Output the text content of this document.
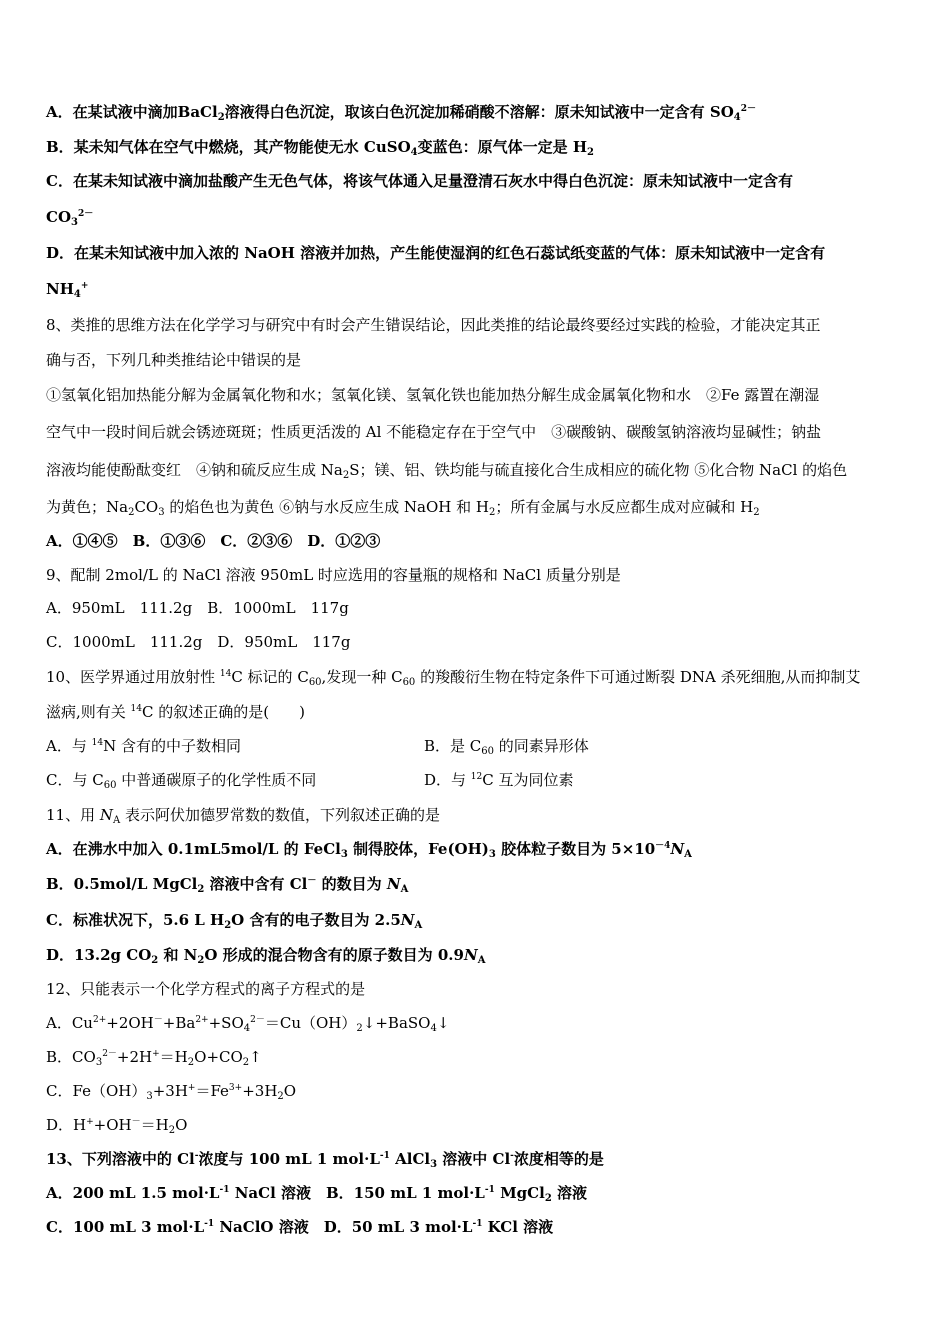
A．在某试液中滴加BaCl$_2$溶液得白色沉淀，取该白色沉淀加稀硝酸不溶解：原未知试液中一定含有 $SO_4^{2-}$
B．某未知气体在空气中燃烧，其产物能使无水 CuSO$_4$变蓝色：原气体一定是 $H_2$
C．在某未知试液中滴加盐酸产生无色气体，将该气体通入足量澄清石灰水中得白色沉淀：原未知试液中一定含有
$CO_3^{2-}$
D．在某未知试液中加入浓的 NaOH 溶液并加热，产生能使湿润的红色石蕊试纸变蓝的气体：原未知试液中一定含有
$NH_4^+$
8、类推的思维方法在化学学习与研究中有时会产生错误结论，因此类推的结论最终要经过实践的检验，才能决定其正
确与否，下列几种类推结论中错误的是
①氢氧化铝加热能分解为金属氧化物和水；氢氧化镁、氢氧化铁也能加热分解生成金属氧化物和水　②Fe 露置在潮湿
空气中一段时间后就会锈迹斑斑；性质更活泼的 Al 不能稳定存在于空气中　③碳酸钠、碳酸氢钠溶液均显碱性；钠盐
溶液均能使酚酞变红　④钠和硫反应生成 $Na_2S$；镁、铝、铁均能与硫直接化合生成相应的硫化物 ⑤化合物 NaCl 的焰色
为黄色；$Na_2CO_3$ 的焰色也为黄色 ⑥钠与水反应生成 NaOH 和 $H_2$；所有金属与水反应都生成对应碱和 $H_2$
A．①④⑤　B．①③⑥　C．②③⑥　D．①②③
9、配制 2mol/L 的 NaCl 溶液 950mL 时应选用的容量瓶的规格和 NaCl 质量分别是
A．950mL　111.2g　B．1000mL　117g
C．1000mL　111.2g　D．950mL　117g
10、医学界通过用放射性 $^{14}$C 标记的 $C_{60}$,发现一种 $C_{60}$ 的羧酸衍生物在特定条件下可通过断裂 DNA 杀死细胞,从而抑制艾
滋病,则有关 $^{14}$C 的叙述正确的是(　　)
A．与 $^{14}$N 含有的中子数相同	B．是 $C_{60}$ 的同素异形体
C．与 $C_{60}$ 中普通碳原子的化学性质不同	D．与 $^{12}$C 互为同位素
11、用 $N_A$ 表示阿伏加德罗常数的数值，下列叙述正确的是
A．在沸水中加入 0.1mL5mol/L 的 FeCl$_3$ 制得胶体，$Fe(OH)_3$ 胶体粒子数目为 $5\times 10^{-4}N_A$
B．0.5mol/L MgCl$_2$ 溶液中含有 Cl－ 的数目为 $N_A$
C．标准状况下，5.6 L $H_2O$ 含有的电子数目为 $2.5N_A$
D．13.2g $CO_2$ 和 $N_2O$ 形成的混合物含有的原子数目为 $0.9N_A$
12、只能表示一个化学方程式的离子方程式的是
A．$Cu^{2+}+2OH^-+Ba^{2+}+SO_4^{2-}=Cu(OH)_2↓+BaSO_4↓$
B．$CO_3^{2-}+2H^+=H_2O+CO_2↑$
C．$Fe(OH)_3+3H^+=Fe^{3+}+3H_2O$
D．$H^++OH^-=H_2O$
13、下列溶液中的 Cl-浓度与 100 mL 1 $mol\cdot L^{-1}$ AlCl$_3$ 溶液中 Cl-浓度相等的是
A．200 mL 1.5 $mol\cdot L^{-1}$ NaCl 溶液　B．150 mL 1 $mol\cdot L^{-1}$ MgCl$_2$ 溶液
C．100 mL 3 $mol\cdot L^{-1}$ NaClO 溶液　D．50 mL 3 $mol\cdot L^{-1}$ KCl 溶液
